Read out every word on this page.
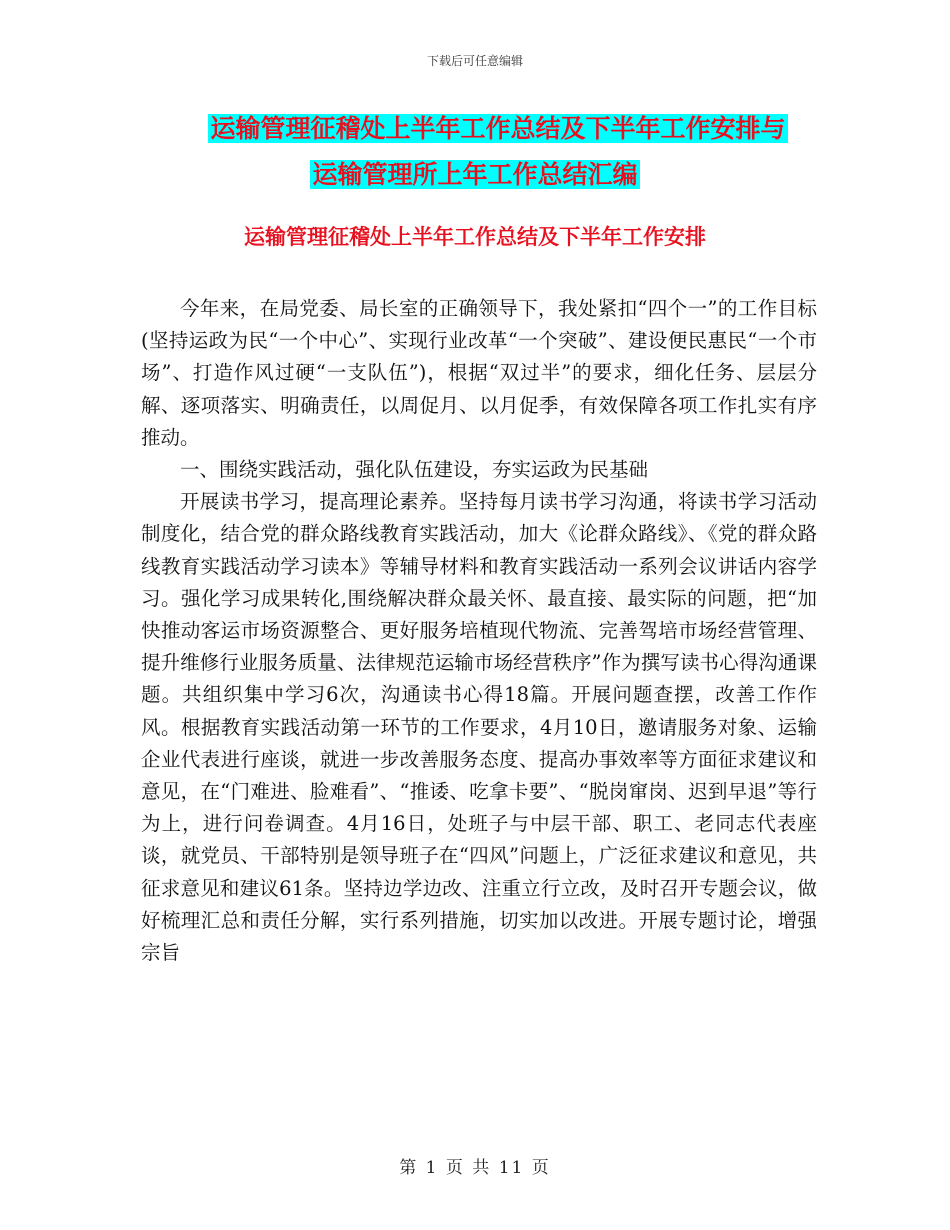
下载后可任意编辑
运输管理征稽处上半年工作总结及下半年工作安排与
运输管理所上年工作总结汇编
运输管理征稽处上半年工作总结及下半年工作安排

今年来，在局党委、局长室的正确领导下，我处紧扣“四个一”的工作目标(坚持运政为民“一个中心”、实现行业改革“一个突破”、建设便民惠民“一个市场”、打造作风过硬“一支队伍”)，根据“双过半”的要求，细化任务、层层分解、逐项落实、明确责任，以周促月、以月促季，有效保障各项工作扎实有序推动。

一、围绕实践活动，强化队伍建设，夯实运政为民基础

开展读书学习，提高理论素养。坚持每月读书学习沟通，将读书学习活动制度化，结合党的群众路线教育实践活动，加大《论群众路线》、《党的群众路线教育实践活动学习读本》等辅导材料和教育实践活动一系列会议讲话内容学习。强化学习成果转化,围绕解决群众最关怀、最直接、最实际的问题，把“加快推动客运市场资源整合、更好服务培植现代物流、完善驾培市场经营管理、提升维修行业服务质量、法律规范运输市场经营秩序”作为撰写读书心得沟通课题。共组织集中学习6次，沟通读书心得18篇。开展问题查摆，改善工作作风。根据教育实践活动第一环节的工作要求，4月10日，邀请服务对象、运输企业代表进行座谈，就进一步改善服务态度、提高办事效率等方面征求建议和意见，在“门难进、脸难看”、“推诿、吃拿卡要”、“脱岗窜岗、迟到早退”等行为上，进行问卷调查。4月16日，处班子与中层干部、职工、老同志代表座谈，就党员、干部特别是领导班子在“四风”问题上，广泛征求建议和意见，共征求意见和建议61条。坚持边学边改、注重立行立改，及时召开专题会议，做好梳理汇总和责任分解，实行系列措施，切实加以改进。开展专题讨论，增强宗旨

第 1 页 共 11 页
